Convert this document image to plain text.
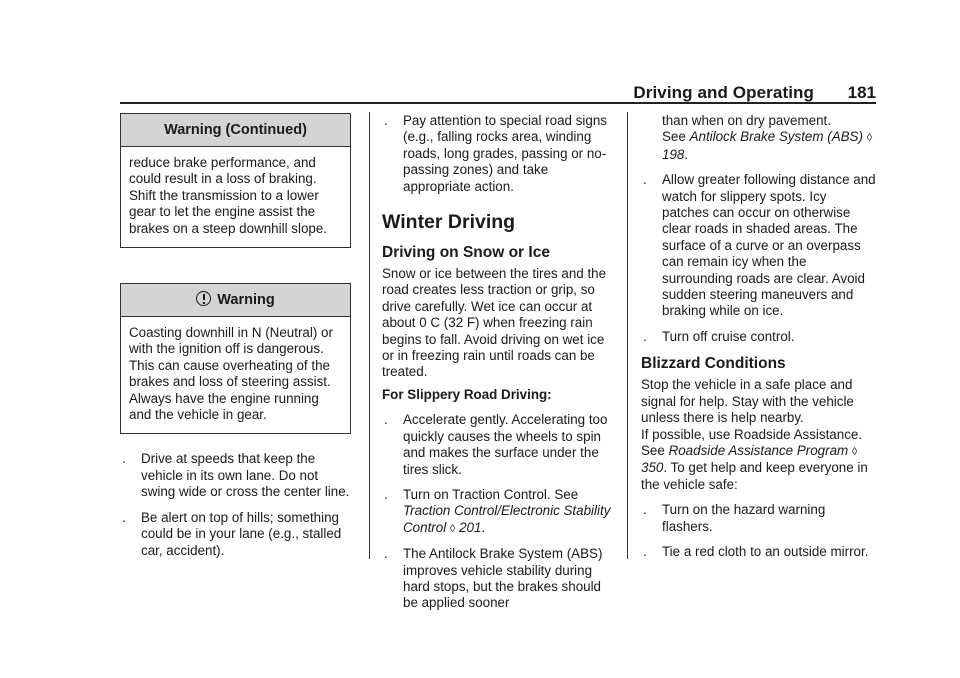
Driving and Operating 181
Warning (Continued)

reduce brake performance, and could result in a loss of braking. Shift the transmission to a lower gear to let the engine assist the brakes on a steep downhill slope.

Warning

Coasting downhill in N (Neutral) or with the ignition off is dangerous. This can cause overheating of the brakes and loss of steering assist. Always have the engine running and the vehicle in gear.

. Drive at speeds that keep the vehicle in its own lane. Do not swing wide or cross the center line.
. Be alert on top of hills; something could be in your lane (e.g., stalled car, accident).
. Pay attention to special road signs (e.g., falling rocks area, winding roads, long grades, passing or no-passing zones) and take appropriate action.
Winter Driving
Driving on Snow or Ice

Snow or ice between the tires and the road creates less traction or grip, so drive carefully. Wet ice can occur at about 0 C (32 F) when freezing rain begins to fall. Avoid driving on wet ice or in freezing rain until roads can be treated.

For Slippery Road Driving:

. Accelerate gently. Accelerating too quickly causes the wheels to spin and makes the surface under the tires slick.
. Turn on Traction Control. See Traction Control/Electronic Stability Control ◊ 201.
. The Antilock Brake System (ABS) improves vehicle stability during hard stops, but the brakes should be applied sooner
than when on dry pavement.
See Antilock Brake System (ABS) ◊ 198.
. Allow greater following distance and watch for slippery spots. Icy patches can occur on otherwise clear roads in shaded areas. The surface of a curve or an overpass can remain icy when the surrounding roads are clear. Avoid sudden steering maneuvers and braking while on ice.
. Turn off cruise control.
Blizzard Conditions

Stop the vehicle in a safe place and signal for help. Stay with the vehicle unless there is help nearby.

If possible, use Roadside Assistance. See Roadside Assistance Program ◊ 350. To get help and keep everyone in the vehicle safe:

. Turn on the hazard warning flashers.
. Tie a red cloth to an outside mirror.
